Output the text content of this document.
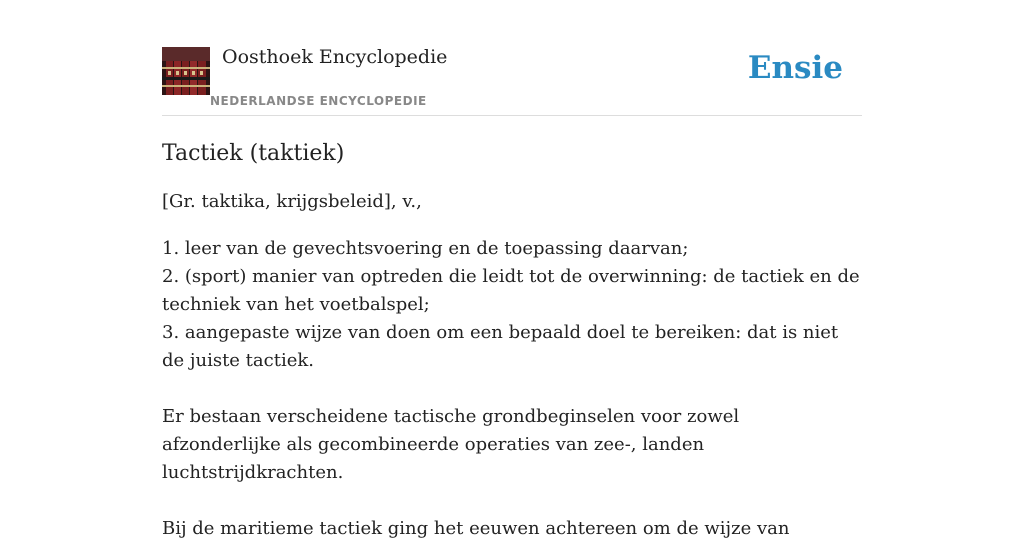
Oosthoek Encyclopedie
NEDERLANDSE ENCYCLOPEDIE
Ensie
Tactiek (taktiek)

[Gr. taktika, krijgsbeleid], v.,

1. leer van de gevechtsvoering en de toepassing daarvan;
2. (sport) manier van optreden die leidt tot de overwinning: de tactiek en de techniek van het voetbalspel;
3. aangepaste wijze van doen om een bepaald doel te bereiken: dat is niet de juiste tactiek.

Er bestaan verscheidene tactische grondbeginselen voor zowel afzonderlijke als gecombineerde operaties van zee-, landen luchtstrijdkrachten.

Bij de maritieme tactiek ging het eeuwen achtereen om de wijze van
